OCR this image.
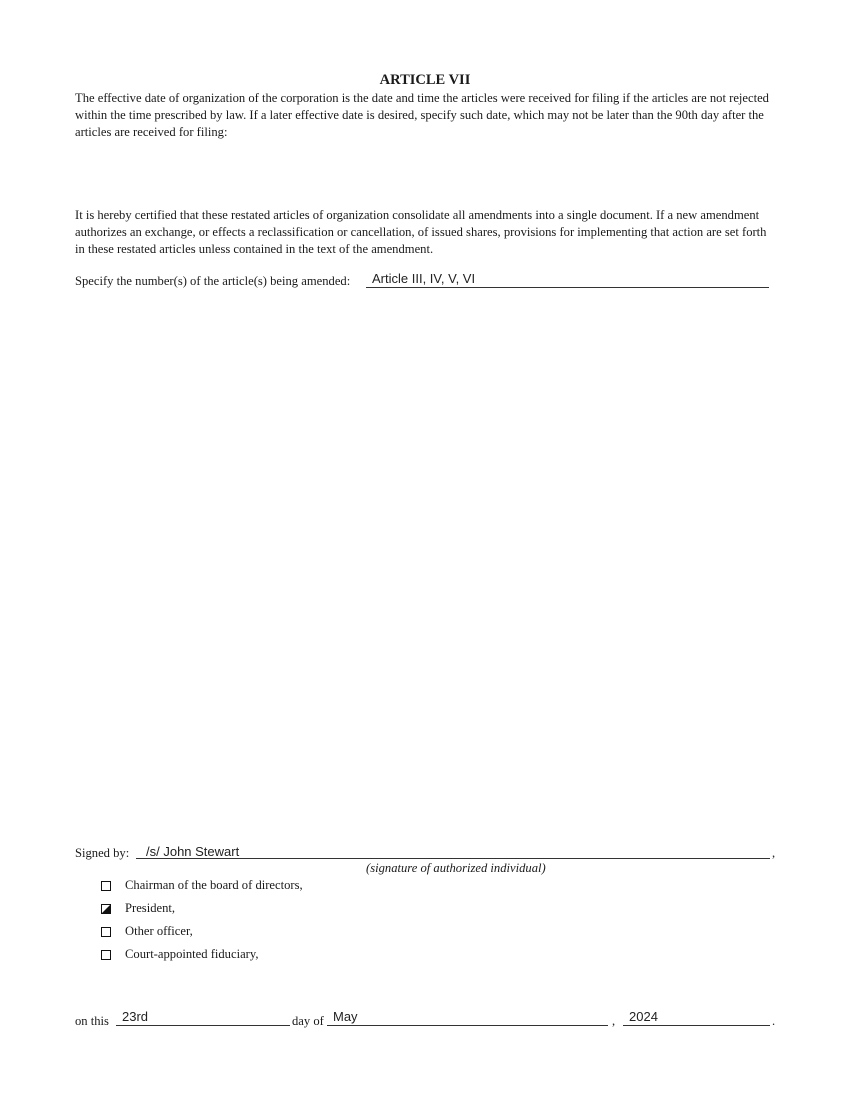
ARTICLE VII
The effective date of organization of the corporation is the date and time the articles were received for filing if the articles are not rejected within the time prescribed by law. If a later effective date is desired, specify such date, which may not be later than the 90th day after the articles are received for filing:
It is hereby certified that these restated articles of organization consolidate all amendments into a single document. If a new amendment authorizes an exchange, or effects a reclassification or cancellation, of issued shares, provisions for implementing that action are set forth in these restated articles unless contained in the text of the amendment.
Specify the number(s) of the article(s) being amended: Article III, IV, V, VI
Signed by: /s/ John Stewart	,
(signature of authorized individual)
Chairman of the board of directors,
President,
Other officer,
Court-appointed fiduciary,
on this 23rd	day of May	, 2024	.
